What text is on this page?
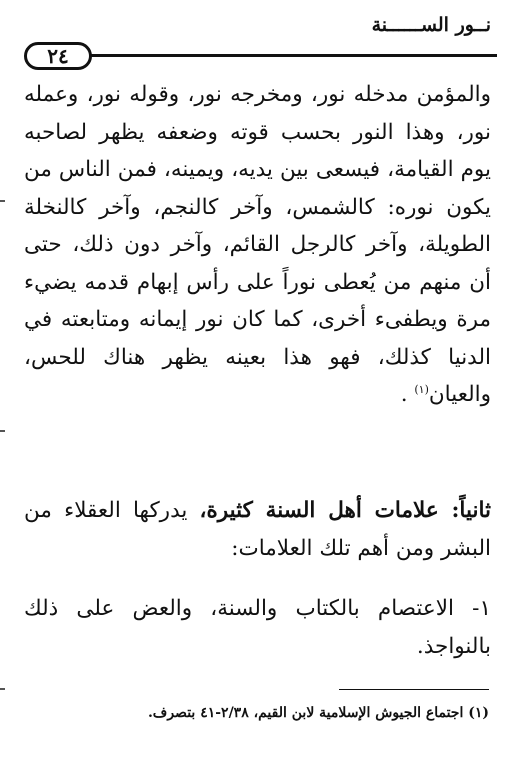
نــور الســــــنة
٢٤

والمؤمن مدخله نور، ومخرجه نور، وقوله نور، وعمله نور، وهذا النور بحسب قوته وضعفه يظهر لصاحبه يوم القيامة، فيسعى بين يديه، ويمينه، فمن الناس من يكون نوره: كالشمس، وآخر كالنجم، وآخر كالنخلة الطويلة، وآخر كالرجل القائم، وآخر دون ذلك، حتى أن منهم من يُعطى نوراً على رأس إبهام قدمه يضيء مرة ويطفىء أخرى، كما كان نور إيمانه ومتابعته في الدنيا كذلك، فهو هذا بعينه يظهر هناك للحس، والعيان$^{(١)}$ .

ثانياً: علامات أهل السنة كثيرة، يدركها العقلاء من البشر ومن أهم تلك العلامات:

١- الاعتصام بالكتاب والسنة، والعض على ذلك بالنواجذ.

(١) اجتماع الجيوش الإسلامية لابن القيم، ٢/٣٨-٤١ بتصرف.
